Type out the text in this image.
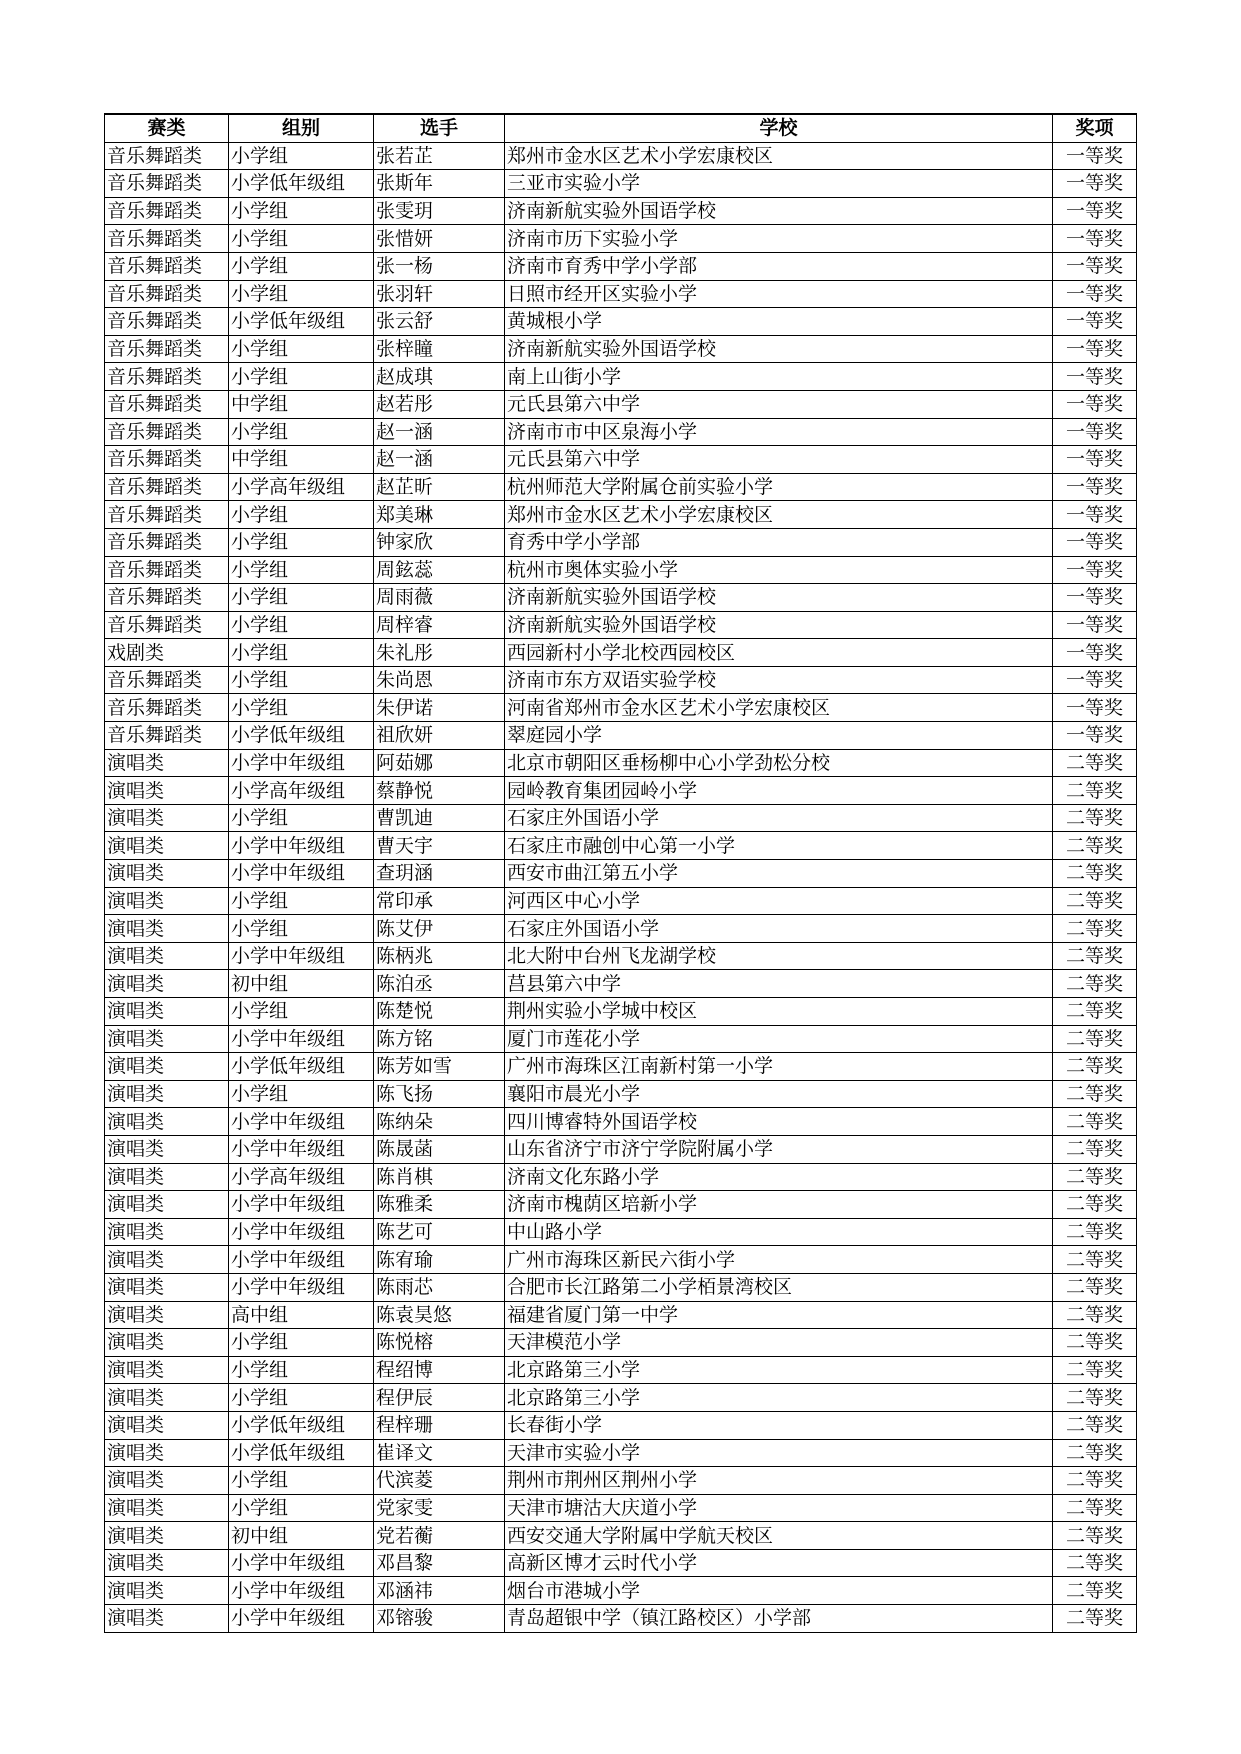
赛类	组别	选手	学校	奖项
音乐舞蹈类	小学组	张若芷	郑州市金水区艺术小学宏康校区	一等奖
音乐舞蹈类	小学低年级组	张斯年	三亚市实验小学	一等奖
音乐舞蹈类	小学组	张雯玥	济南新航实验外国语学校	一等奖
音乐舞蹈类	小学组	张惜妍	济南市历下实验小学	一等奖
音乐舞蹈类	小学组	张一杨	济南市育秀中学小学部	一等奖
音乐舞蹈类	小学组	张羽轩	日照市经开区实验小学	一等奖
音乐舞蹈类	小学低年级组	张云舒	黄城根小学	一等奖
音乐舞蹈类	小学组	张梓瞳	济南新航实验外国语学校	一等奖
音乐舞蹈类	小学组	赵成琪	南上山街小学	一等奖
音乐舞蹈类	中学组	赵若彤	元氏县第六中学	一等奖
音乐舞蹈类	小学组	赵一涵	济南市市中区泉海小学	一等奖
音乐舞蹈类	中学组	赵一涵	元氏县第六中学	一等奖
音乐舞蹈类	小学高年级组	赵芷昕	杭州师范大学附属仓前实验小学	一等奖
音乐舞蹈类	小学组	郑美琳	郑州市金水区艺术小学宏康校区	一等奖
音乐舞蹈类	小学组	钟家欣	育秀中学小学部	一等奖
音乐舞蹈类	小学组	周鉉蕊	杭州市奥体实验小学	一等奖
音乐舞蹈类	小学组	周雨薇	济南新航实验外国语学校	一等奖
音乐舞蹈类	小学组	周梓睿	济南新航实验外国语学校	一等奖
戏剧类	小学组	朱礼彤	西园新村小学北校西园校区	一等奖
音乐舞蹈类	小学组	朱尚恩	济南市东方双语实验学校	一等奖
音乐舞蹈类	小学组	朱伊诺	河南省郑州市金水区艺术小学宏康校区	一等奖
音乐舞蹈类	小学低年级组	祖欣妍	翠庭园小学	一等奖
演唱类	小学中年级组	阿茹娜	北京市朝阳区垂杨柳中心小学劲松分校	二等奖
演唱类	小学高年级组	蔡静悦	园岭教育集团园岭小学	二等奖
演唱类	小学组	曹凯迪	石家庄外国语小学	二等奖
演唱类	小学中年级组	曹天宇	石家庄市融创中心第一小学	二等奖
演唱类	小学中年级组	查玥涵	西安市曲江第五小学	二等奖
演唱类	小学组	常印承	河西区中心小学	二等奖
演唱类	小学组	陈艾伊	石家庄外国语小学	二等奖
演唱类	小学中年级组	陈柄兆	北大附中台州飞龙湖学校	二等奖
演唱类	初中组	陈泊丞	莒县第六中学	二等奖
演唱类	小学组	陈楚悦	荆州实验小学城中校区	二等奖
演唱类	小学中年级组	陈方铭	厦门市莲花小学	二等奖
演唱类	小学低年级组	陈芳如雪	广州市海珠区江南新村第一小学	二等奖
演唱类	小学组	陈飞扬	襄阳市晨光小学	二等奖
演唱类	小学中年级组	陈纳朵	四川博睿特外国语学校	二等奖
演唱类	小学中年级组	陈晟菡	山东省济宁市济宁学院附属小学	二等奖
演唱类	小学高年级组	陈肖棋	济南文化东路小学	二等奖
演唱类	小学中年级组	陈雅柔	济南市槐荫区培新小学	二等奖
演唱类	小学中年级组	陈艺可	中山路小学	二等奖
演唱类	小学中年级组	陈宥瑜	广州市海珠区新民六街小学	二等奖
演唱类	小学中年级组	陈雨芯	合肥市长江路第二小学栢景湾校区	二等奖
演唱类	高中组	陈袁昊悠	福建省厦门第一中学	二等奖
演唱类	小学组	陈悦榕	天津模范小学	二等奖
演唱类	小学组	程绍博	北京路第三小学	二等奖
演唱类	小学组	程伊辰	北京路第三小学	二等奖
演唱类	小学低年级组	程梓珊	长春街小学	二等奖
演唱类	小学低年级组	崔译文	天津市实验小学	二等奖
演唱类	小学组	代滨菱	荆州市荆州区荆州小学	二等奖
演唱类	小学组	党家雯	天津市塘沽大庆道小学	二等奖
演唱类	初中组	党若蘅	西安交通大学附属中学航天校区	二等奖
演唱类	小学中年级组	邓昌黎	高新区博才云时代小学	二等奖
演唱类	小学中年级组	邓涵祎	烟台市港城小学	二等奖
演唱类	小学中年级组	邓镕骏	青岛超银中学（镇江路校区）小学部	二等奖
